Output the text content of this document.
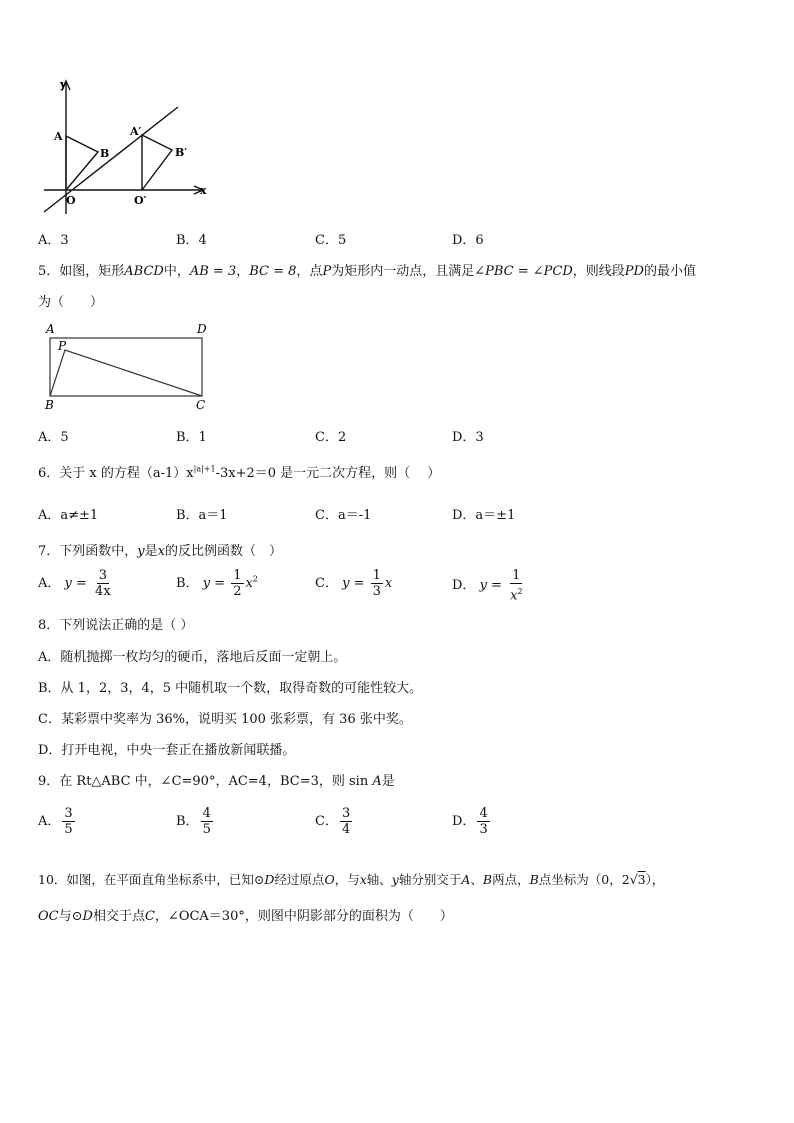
y
x
A
B
O
A′
B′
O′
A．3	B．4	C．5	D．6
5．如图，矩形ABCD中，AB = 3，BC = 8，点P为矩形内一动点，且满足∠PBC = ∠PCD，则线段PD的最小值
为（　　）
A	D
P
B	C
A．5	B．1	C．2	D．3
6．关于 x 的方程$(a-1)x^{|a|+1}-3x+2=0$ 是一元二次方程，则（　 ）
A．a≠±1	B．a＝1	C．a＝-1	D．a＝±1
7．下列函数中，y是x的反比例函数（　）
A． $y = \frac{3}{4x}$	B． $y = \frac{1}{2} x^2$	C． $y = \frac{1}{3}$ x	D． $y = \frac{1}{x^2}$
8．下列说法正确的是（ ）
A．随机抛掷一枚均匀的硬币，落地后反面一定朝上。
B．从 1，2，3，4，5 中随机取一个数，取得奇数的可能性较大。
C．某彩票中奖率为 36%，说明买 100 张彩票，有 36 张中奖。
D．打开电视，中央一套正在播放新闻联播。
9．在 Rt△ABC 中，∠C=90°，AC=4，BC=3，则 sin A是
A． $\frac{3}{5}$	B． $\frac{4}{5}$	C． $\frac{3}{4}$	D． $\frac{4}{3}$
10．如图，在平面直角坐标系中，已知⊙D经过原点O，与x轴、y轴分别交于A、B两点，B点坐标为（0，2√3），
OC与⊙D相交于点C，∠OCA＝30°，则图中阴影部分的面积为（　　）
